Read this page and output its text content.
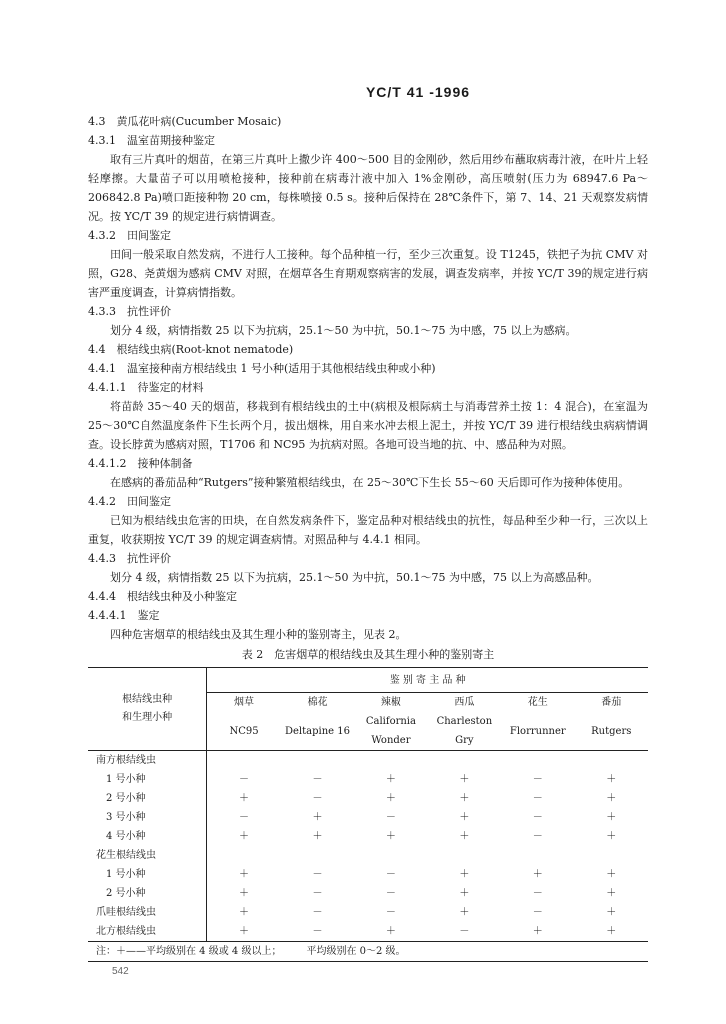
YC/T 41 -1996
4.3　黄瓜花叶病(Cucumber Mosaic)
4.3.1　温室苗期接种鉴定
取有三片真叶的烟苗，在第三片真叶上撒少许 400～500 目的金刚砂，然后用纱布蘸取病毒汁液，在叶片上轻轻摩擦。大量苗子可以用喷枪接种，接种前在病毒汁液中加入 1%金刚砂，高压喷射(压力为 68947.6 Pa～206842.8 Pa)喷口距接种物 20 cm，每株喷接 0.5 s。接种后保持在 28℃条件下，第 7、14、21 天观察发病情况。按 YC/T 39 的规定进行病情调查。
4.3.2　田间鉴定
田间一般采取自然发病，不进行人工接种。每个品种植一行，至少三次重复。设 T1245，铁把子为抗 CMV 对照，G28、尧黄烟为感病 CMV 对照，在烟草各生育期观察病害的发展，调查发病率，并按 YC/T 39的规定进行病害严重度调查，计算病情指数。
4.3.3　抗性评价
划分 4 级，病情指数 25 以下为抗病，25.1～50 为中抗，50.1～75 为中感，75 以上为感病。
4.4　根结线虫病(Root-knot nematode)
4.4.1　温室接种南方根结线虫 1 号小种(适用于其他根结线虫种或小种)
4.4.1.1　待鉴定的材料
将苗龄 35～40 天的烟苗，移栽到有根结线虫的土中(病根及根际病土与消毒营养土按 1：4 混合)，在室温为 25～30℃自然温度条件下生长两个月，拔出烟株，用自来水冲去根上泥土，并按 YC/T 39 进行根结线虫病病情调查。设长脖黄为感病对照，T1706 和 NC95 为抗病对照。各地可设当地的抗、中、感品种为对照。
4.4.1.2　接种体制备
在感病的番茄品种“Rutgers”接种繁殖根结线虫，在 25～30℃下生长 55～60 天后即可作为接种体使用。
4.4.2　田间鉴定
已知为根结线虫危害的田块，在自然发病条件下，鉴定品种对根结线虫的抗性，每品种至少种一行，三次以上重复，收获期按 YC/T 39 的规定调查病情。对照品种与 4.4.1 相同。
4.4.3　抗性评价
划分 4 级，病情指数 25 以下为抗病，25.1～50 为中抗，50.1～75 为中感，75 以上为高感品种。
4.4.4　根结线虫种及小种鉴定
4.4.4.1　鉴定
四种危害烟草的根结线虫及其生理小种的鉴别寄主，见表 2。
表 2　危害烟草的根结线虫及其生理小种的鉴别寄主
根结线虫种
和生理小种	鉴 别 寄 主 品 种					
	烟草	棉花	辣椒	西瓜	花生	番茄
	NC95	Deltapine 16	California Wonder	Charleston Gry	Florrunner	Rutgers
南方根结线虫						
1 号小种	－	－	＋	＋	－	＋
2 号小种	＋	－	＋	＋	－	＋
3 号小种	－	＋	－	＋	－	＋
4 号小种	＋	＋	＋	＋	－	＋
花生根结线虫						
1 号小种	＋	－	－	＋	＋	＋
2 号小种	＋	－	－	＋	－	＋
爪哇根结线虫	＋	－	－	＋	－	＋
北方根结线虫	＋	－	＋	－	＋	＋
注：＋——平均级别在 4 级或 4 级以上；　　　平均级别在 0～2 级。						
542
